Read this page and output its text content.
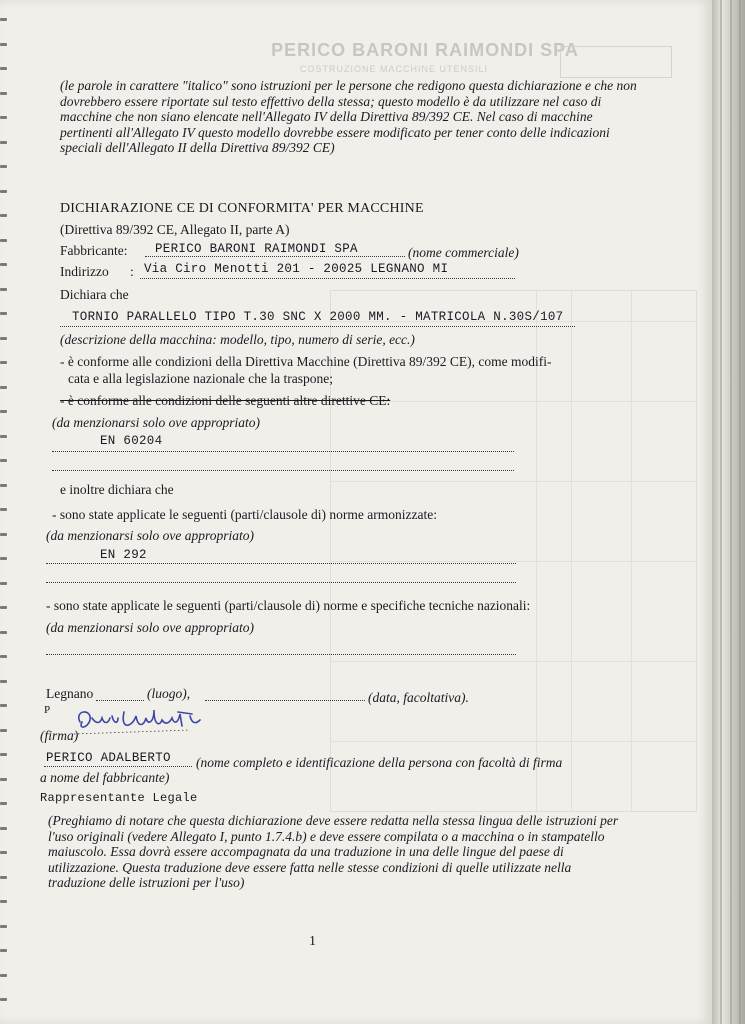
PERICO BARONI RAIMONDI SPA
COSTRUZIONE MACCHINE UTENSILI
(le parole in carattere "italico" sono istruzioni per le persone che redigono questa dichiarazione e che non dovrebbero essere riportate sul testo effettivo della stessa; questo modello è da utilizzare nel caso di macchine che non siano elencate nell'Allegato IV della Direttiva 89/392 CE. Nel caso di macchine pertinenti all'Allegato IV questo modello dovrebbe essere modificato per tener conto delle indicazioni speciali dell'Allegato II della Direttiva 89/392 CE)
DICHIARAZIONE CE DI CONFORMITA' PER MACCHINE
(Direttiva 89/392 CE, Allegato II, parte A)
Fabbricante: PERICO BARONI RAIMONDI SPA	(nome commerciale)
Indirizzo : Via Ciro Menotti 201 - 20025 LEGNANO MI
Dichiara che
TORNIO PARALLELO TIPO T.30 SNC X 2000 MM. - MATRICOLA N.30S/107
(descrizione della macchina: modello, tipo, numero di serie, ecc.)
- è conforme alle condizioni della Direttiva Macchine (Direttiva 89/392 CE), come modifi-
cata e alla legislazione nazionale che la traspone;
- è conforme alle condizioni delle seguenti altre direttive CE:
(da menzionarsi solo ove appropriato)
EN 60204
e inoltre dichiara che
- sono state applicate le seguenti (parti/clausole di) norme armonizzate:
(da menzionarsi solo ove appropriato)
EN 292
- sono state applicate le seguenti (parti/clausole di) norme e specifiche tecniche nazionali:
(da menzionarsi solo ove appropriato)
Legnano	(luogo),	(data, facoltativa).
P
(firma)
PERICO ADALBERTO (nome completo e identificazione della persona con facoltà di firma
a nome del fabbricante)
Rappresentante Legale
(Preghiamo di notare che questa dichiarazione deve essere redatta nella stessa lingua delle istruzioni per l'uso originali (vedere Allegato I, punto 1.7.4.b) e deve essere compilata o a macchina o in stampatello maiuscolo. Essa dovrà essere accompagnata da una traduzione in una delle lingue del paese di utilizzazione. Questa traduzione deve essere fatta nelle stesse condizioni di quelle utilizzate nella traduzione delle istruzioni per l'uso)
1
